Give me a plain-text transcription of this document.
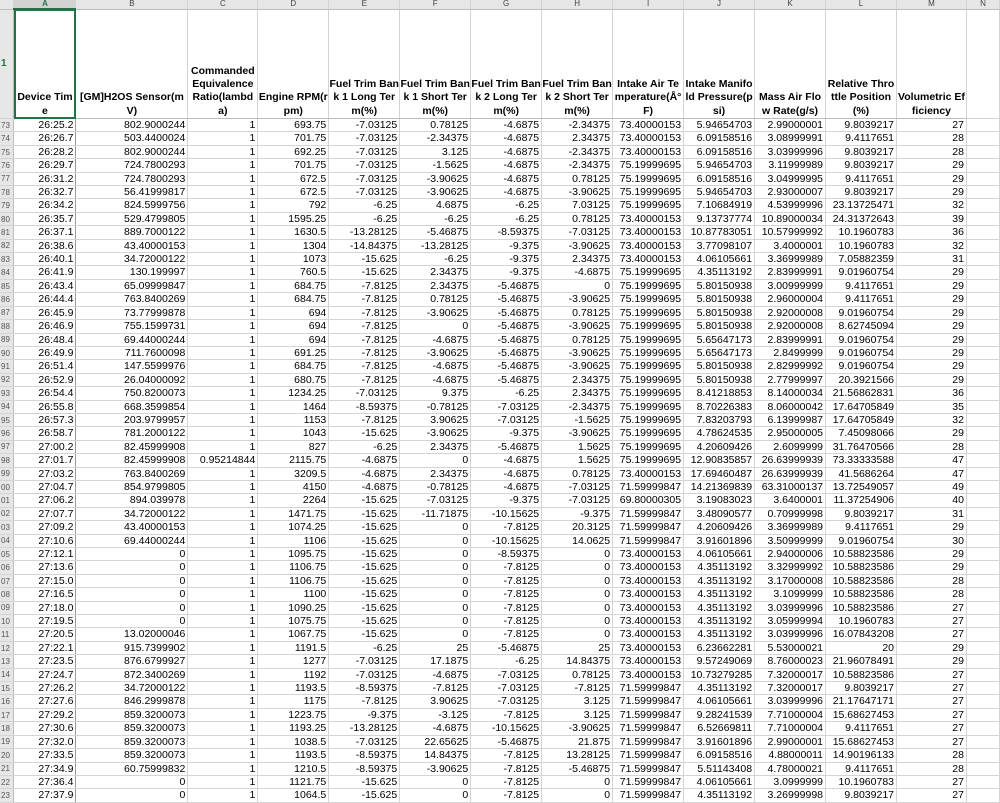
	A	B	C	D	E	F	G	H	I	J	K	L	M	N
1	Device Time	[GM]H2OS Sensor(mV)	Commanded Equivalence Ratio(lambda)	Engine RPM(rpm)	Fuel Trim Bank 1 Long Term(%)	Fuel Trim Bank 1 Short Term(%)	Fuel Trim Bank 2 Long Term(%)	Fuel Trim Bank 2 Short Term(%)	Intake Air Temperature(Å°F)	Intake Manifold Pressure(psi)	Mass Air Flow Rate(g/s)	Relative Throttle Position(%)	Volumetric Efficiency	
73	26:25.2	802.9000244	1	693.75	-7.03125	0.78125	-4.6875	-2.34375	73.40000153	5.94654703	2.99000001	9.8039217	27	
74	26:26.7	503.4400024	1	701.75	-7.03125	-2.34375	-4.6875	2.34375	73.40000153	6.09158516	3.08999991	9.4117651	28	
75	26:28.2	802.9000244	1	692.25	-7.03125	3.125	-4.6875	-2.34375	73.40000153	6.09158516	3.03999996	9.8039217	28	
76	26:29.7	724.7800293	1	701.75	-7.03125	-1.5625	-4.6875	-2.34375	75.19999695	5.94654703	3.11999989	9.8039217	29	
77	26:31.2	724.7800293	1	672.5	-7.03125	-3.90625	-4.6875	0.78125	75.19999695	6.09158516	3.04999995	9.4117651	29	
78	26:32.7	56.41999817	1	672.5	-7.03125	-3.90625	-4.6875	-3.90625	75.19999695	5.94654703	2.93000007	9.8039217	29	
79	26:34.2	824.5999756	1	792	-6.25	4.6875	-6.25	7.03125	75.19999695	7.10684919	4.53999996	23.13725471	32	
80	26:35.7	529.4799805	1	1595.25	-6.25	-6.25	-6.25	0.78125	73.40000153	9.13737774	10.89000034	24.31372643	39	
81	26:37.1	889.7000122	1	1630.5	-13.28125	-5.46875	-8.59375	-7.03125	73.40000153	10.87783051	10.57999992	10.1960783	36	
82	26:38.6	43.40000153	1	1304	-14.84375	-13.28125	-9.375	-3.90625	73.40000153	3.77098107	3.4000001	10.1960783	32	
83	26:40.1	34.72000122	1	1073	-15.625	-6.25	-9.375	2.34375	73.40000153	4.06105661	3.36999989	7.05882359	31	
84	26:41.9	130.199997	1	760.5	-15.625	2.34375	-9.375	-4.6875	75.19999695	4.35113192	2.83999991	9.01960754	29	
85	26:43.4	65.09999847	1	684.75	-7.8125	2.34375	-5.46875	0	75.19999695	5.80150938	3.00999999	9.4117651	29	
86	26:44.4	763.8400269	1	684.75	-7.8125	0.78125	-5.46875	-3.90625	75.19999695	5.80150938	2.96000004	9.4117651	29	
87	26:45.9	73.77999878	1	694	-7.8125	-3.90625	-5.46875	0.78125	75.19999695	5.80150938	2.92000008	9.01960754	29	
88	26:46.9	755.1599731	1	694	-7.8125	0	-5.46875	-3.90625	75.19999695	5.80150938	2.92000008	8.62745094	29	
89	26:48.4	69.44000244	1	694	-7.8125	-4.6875	-5.46875	0.78125	75.19999695	5.65647173	2.83999991	9.01960754	29	
90	26:49.9	711.7600098	1	691.25	-7.8125	-3.90625	-5.46875	-3.90625	75.19999695	5.65647173	2.8499999	9.01960754	29	
91	26:51.4	147.5599976	1	684.75	-7.8125	-4.6875	-5.46875	-3.90625	75.19999695	5.80150938	2.82999992	9.01960754	29	
92	26:52.9	26.04000092	1	680.75	-7.8125	-4.6875	-5.46875	2.34375	75.19999695	5.80150938	2.77999997	20.3921566	29	
93	26:54.4	750.8200073	1	1234.25	-7.03125	9.375	-6.25	2.34375	75.19999695	8.41218853	8.14000034	21.56862831	36	
94	26:55.8	668.3599854	1	1464	-8.59375	-0.78125	-7.03125	-2.34375	75.19999695	8.70226383	8.06000042	17.64705849	35	
95	26:57.3	203.9799957	1	1153	-7.8125	3.90625	-7.03125	-1.5625	75.19999695	7.83203793	6.13999987	17.64705849	32	
96	26:58.7	781.2000122	1	1043	-15.625	-3.90625	-9.375	-3.90625	75.19999695	4.78624535	2.95000005	7.45098066	29	
97	27:00.2	82.45999908	1	827	-6.25	2.34375	-5.46875	1.5625	75.19999695	4.20609426	2.6099999	31.76470566	28	
98	27:01.7	82.45999908	0.95214844	2115.75	-4.6875	0	-4.6875	1.5625	75.19999695	12.90835857	26.63999939	73.33333588	47	
99	27:03.2	763.8400269	1	3209.5	-4.6875	2.34375	-4.6875	0.78125	73.40000153	17.69460487	26.63999939	41.5686264	47	
00	27:04.7	854.9799805	1	4150	-4.6875	-0.78125	-4.6875	-7.03125	71.59999847	14.21369839	63.31000137	13.72549057	49	
01	27:06.2	894.039978	1	2264	-15.625	-7.03125	-9.375	-7.03125	69.80000305	3.19083023	3.6400001	11.37254906	40	
02	27:07.7	34.72000122	1	1471.75	-15.625	-11.71875	-10.15625	-9.375	71.59999847	3.48090577	0.70999998	9.8039217	31	
03	27:09.2	43.40000153	1	1074.25	-15.625	0	-7.8125	20.3125	71.59999847	4.20609426	3.36999989	9.4117651	29	
04	27:10.6	69.44000244	1	1106	-15.625	0	-10.15625	14.0625	71.59999847	3.91601896	3.50999999	9.01960754	30	
05	27:12.1	0	1	1095.75	-15.625	0	-8.59375	0	73.40000153	4.06105661	2.94000006	10.58823586	29	
06	27:13.6	0	1	1106.75	-15.625	0	-7.8125	0	73.40000153	4.35113192	3.32999992	10.58823586	29	
07	27:15.0	0	1	1106.75	-15.625	0	-7.8125	0	73.40000153	4.35113192	3.17000008	10.58823586	28	
08	27:16.5	0	1	1100	-15.625	0	-7.8125	0	73.40000153	4.35113192	3.1099999	10.58823586	28	
09	27:18.0	0	1	1090.25	-15.625	0	-7.8125	0	73.40000153	4.35113192	3.03999996	10.58823586	27	
10	27:19.5	0	1	1075.75	-15.625	0	-7.8125	0	73.40000153	4.35113192	3.05999994	10.1960783	27	
11	27:20.5	13.02000046	1	1067.75	-15.625	0	-7.8125	0	73.40000153	4.35113192	3.03999996	16.07843208	27	
12	27:22.1	915.7399902	1	1191.5	-6.25	25	-5.46875	25	73.40000153	6.23662281	5.53000021	20	29	
13	27:23.5	876.6799927	1	1277	-7.03125	17.1875	-6.25	14.84375	73.40000153	9.57249069	8.76000023	21.96078491	29	
14	27:24.7	872.3400269	1	1192	-7.03125	-4.6875	-7.03125	0.78125	73.40000153	10.73279285	7.32000017	10.58823586	27	
15	27:26.2	34.72000122	1	1193.5	-8.59375	-7.8125	-7.03125	-7.8125	71.59999847	4.35113192	7.32000017	9.8039217	27	
16	27:27.6	846.2999878	1	1175	-7.8125	3.90625	-7.03125	3.125	71.59999847	4.06105661	3.03999996	21.17647171	27	
17	27:29.2	859.3200073	1	1223.75	-9.375	-3.125	-7.8125	3.125	71.59999847	9.28241539	7.71000004	15.68627453	27	
18	27:30.6	859.3200073	1	1193.25	-13.28125	-4.6875	-10.15625	-3.90625	71.59999847	6.52669811	7.71000004	9.4117651	27	
19	27:32.0	859.3200073	1	1038.5	-7.03125	22.65625	-5.46875	21.875	71.59999847	3.91601896	2.99000001	15.68627453	27	
20	27:33.5	859.3200073	1	1193.5	-8.59375	14.84375	-7.8125	13.28125	71.59999847	6.09158516	4.88000011	14.90196133	28	
21	27:34.9	60.75999832	1	1210.5	-8.59375	-3.90625	-7.8125	-5.46875	71.59999847	5.51143408	4.78000021	9.4117651	28	
22	27:36.4	0	1	1121.75	-15.625	0	-7.8125	0	71.59999847	4.06105661	3.0999999	10.1960783	27	
23	27:37.9	0	1	1064.5	-15.625	0	-7.8125	0	71.59999847	4.35113192	3.26999998	9.8039217	27	
